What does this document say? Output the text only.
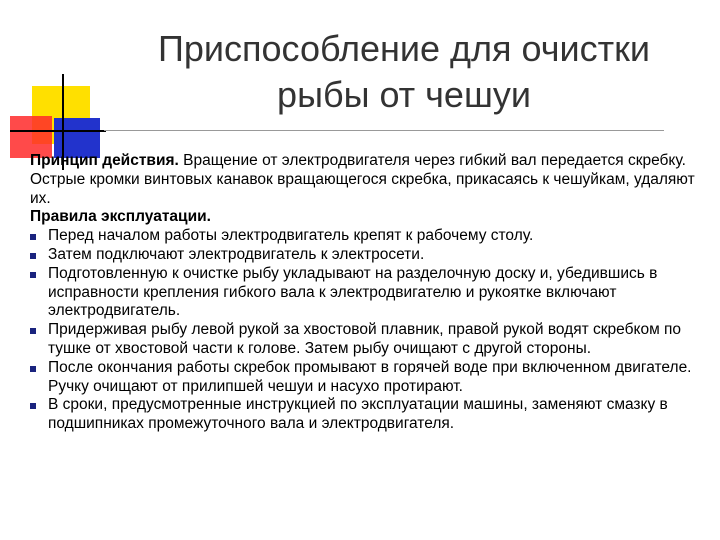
Приспособление для очистки
рыбы от чешуи

Принцип действия. Вращение от электродвигателя через гибкий вал передается скребку. Острые кромки винтовых канавок вращающегося скребка, прикасаясь к чешуйкам, удаляют их.

Правила эксплуатации.

Перед началом работы электродвигатель крепят к рабочему столу.
Затем подключают электродвигатель к электросети.
Подготовленную к очистке рыбу укладывают на разделочную доску и, убедившись в исправности крепления гибкого вала к электродвигателю и рукоятке включают электродвигатель.
Придерживая рыбу левой рукой за хвостовой плавник, правой рукой водят скребком по тушке от хвостовой части к голове. Затем рыбу очищают с другой стороны.
После окончания работы скребок промывают в горячей воде при включенном двигателе. Ручку очищают от прилипшей чешуи и насухо протирают.
В сроки, предусмотренные инструкцией по эксплуатации машины, заменяют смазку в подшипниках промежуточного вала и электродвигателя.
